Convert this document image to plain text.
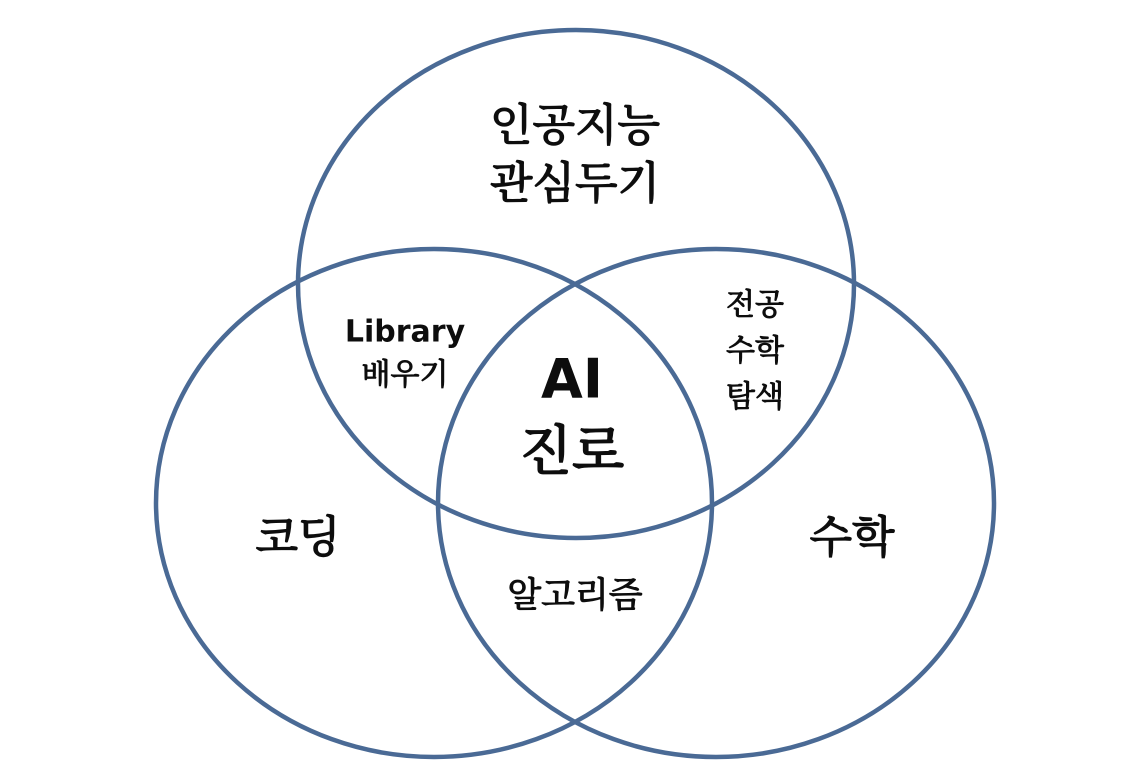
인공지능
관심두기
Library
배우기
전공
수학
탐색
AI
진로
코딩	수학
알고리즘
